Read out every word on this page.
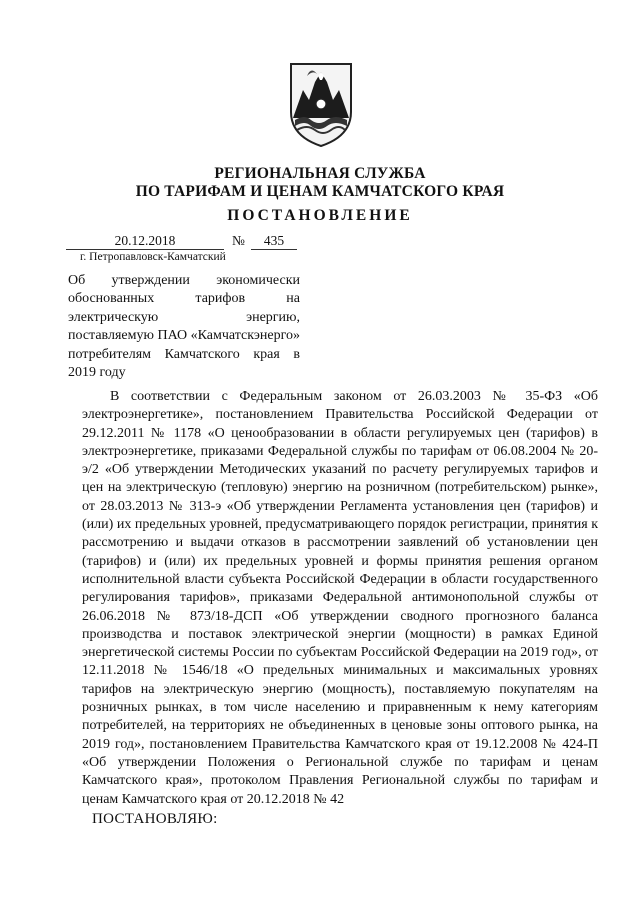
РЕГИОНАЛЬНАЯ СЛУЖБА
ПО ТАРИФАМ И ЦЕНАМ КАМЧАТСКОГО КРАЯ
ПОСТАНОВЛЕНИЕ
20.12.2018	№	435
г. Петропавловск-Камчатский
Об утверждении экономически обоснованных тарифов на электрическую энергию, поставляемую ПАО «Камчатскэнерго» потребителям Камчатского края в 2019 году
В соответствии с Федеральным законом от 26.03.2003 № 35-ФЗ «Об электроэнергетике», постановлением Правительства Российской Федерации от 29.12.2011 № 1178 «О ценообразовании в области регулируемых цен (тарифов) в электроэнергетике, приказами Федеральной службы по тарифам от 06.08.2004 № 20-э/2 «Об утверждении Методических указаний по расчету регулируемых тарифов и цен на электрическую (тепловую) энергию на розничном (потребительском) рынке», от 28.03.2013 № 313-э «Об утверждении Регламента установления цен (тарифов) и (или) их предельных уровней, предусматривающего порядок регистрации, принятия к рассмотрению и выдачи отказов в рассмотрении заявлений об установлении цен (тарифов) и (или) их предельных уровней и формы принятия решения органом исполнительной власти субъекта Российской Федерации в области государственного регулирования тарифов», приказами Федеральной антимонопольной службы от 26.06.2018 № 873/18-ДСП «Об утверждении сводного прогнозного баланса производства и поставок электрической энергии (мощности) в рамках Единой энергетической системы России по субъектам Российской Федерации на 2019 год», от 12.11.2018 № 1546/18 «О предельных минимальных и максимальных уровнях тарифов на электрическую энергию (мощность), поставляемую покупателям на розничных рынках, в том числе населению и приравненным к нему категориям потребителей, на территориях не объединенных в ценовые зоны оптового рынка, на 2019 год», постановлением Правительства Камчатского края от 19.12.2008 № 424-П «Об утверждении Положения о Региональной службе по тарифам и ценам Камчатского края», протоколом Правления Региональной службы по тарифам и ценам Камчатского края от 20.12.2018 № 42
ПОСТАНОВЛЯЮ:
